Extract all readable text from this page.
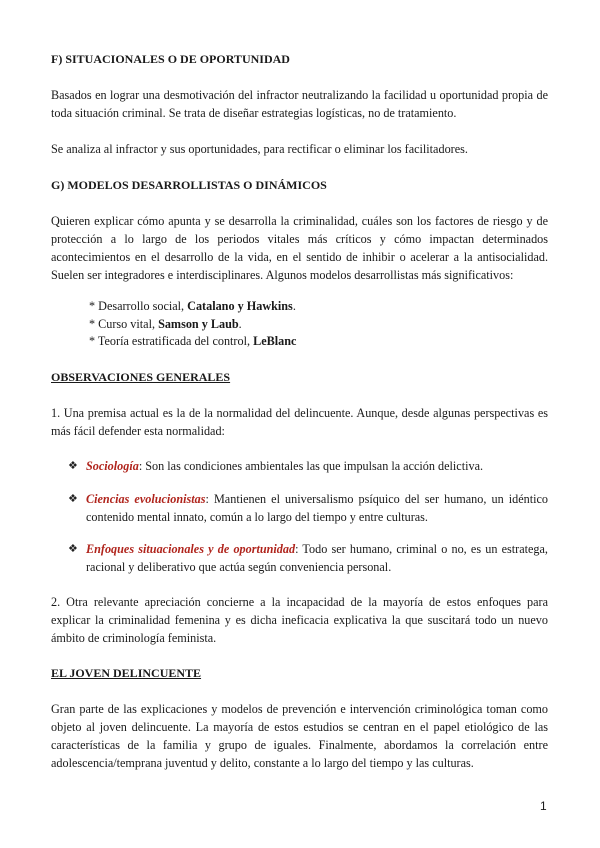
F) SITUACIONALES O DE OPORTUNIDAD

Basados en lograr una desmotivación del infractor neutralizando la facilidad u oportunidad propia de toda situación criminal. Se trata de diseñar estrategias logísticas, no de tratamiento.

Se analiza al infractor y sus oportunidades, para rectificar o eliminar los facilitadores.

G) MODELOS DESARROLLISTAS O DINÁMICOS

Quieren explicar cómo apunta y se desarrolla la criminalidad, cuáles son los factores de riesgo y de protección a lo largo de los periodos vitales más críticos y cómo impactan determinados acontecimientos en el desarrollo de la vida, en el sentido de inhibir o acelerar a la antisocialidad. Suelen ser integradores e interdisciplinares. Algunos modelos desarrollistas más significativos:

* Desarrollo social, Catalano y Hawkins.

* Curso vital, Samson y Laub.

* Teoría estratificada del control, LeBlanc

OBSERVACIONES GENERALES

1. Una premisa actual es la de la normalidad del delincuente. Aunque, desde algunas perspectivas es más fácil defender esta normalidad:

❖ Sociología: Son las condiciones ambientales las que impulsan la acción delictiva.

❖ Ciencias evolucionistas: Mantienen el universalismo psíquico del ser humano, un idéntico contenido mental innato, común a lo largo del tiempo y entre culturas.

❖ Enfoques situacionales y de oportunidad: Todo ser humano, criminal o no, es un estratega, racional y deliberativo que actúa según conveniencia personal.

2. Otra relevante apreciación concierne a la incapacidad de la mayoría de estos enfoques para explicar la criminalidad femenina y es dicha ineficacia explicativa la que suscitará todo un nuevo ámbito de criminología feminista.

EL JOVEN DELINCUENTE

Gran parte de las explicaciones y modelos de prevención e intervención criminológica toman como objeto al joven delincuente. La mayoría de estos estudios se centran en el papel etiológico de las características de la familia y grupo de iguales. Finalmente, abordamos la correlación entre adolescencia/temprana juventud y delito, constante a lo largo del tiempo y las culturas.

1
